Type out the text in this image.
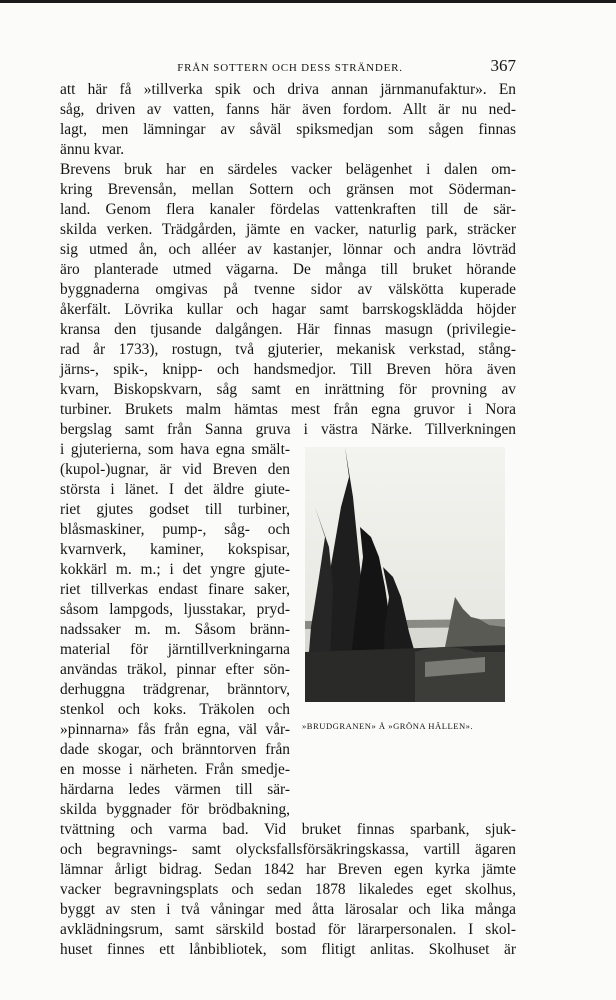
FRÅN SOTTERN OCH DESS STRÄNDER.	367
att här få »tillverka spik och driva annan järnmanufaktur». En
såg, driven av vatten, fanns här även fordom. Allt är nu ned-
lagt, men lämningar av såväl spiksmedjan som sågen finnas
ännu kvar.
Brevens bruk har en särdeles vacker belägenhet i dalen om-
kring Brevensån, mellan Sottern och gränsen mot Söderman-
land. Genom flera kanaler fördelas vattenkraften till de sär-
skilda verken. Trädgården, jämte en vacker, naturlig park, sträcker
sig utmed ån, och alléer av kastanjer, lönnar och andra lövträd
äro planterade utmed vägarna. De många till bruket hörande
byggnaderna omgivas på tvenne sidor av välskötta kuperade
åkerfält. Lövrika kullar och hagar samt barrskogsklädda höjder
kransa den tjusande dalgången. Här finnas masugn (privilegie-
rad år 1733), rostugn, två gjuterier, mekanisk verkstad, stång-
järns-, spik-, knipp- och handsmedjor. Till Breven höra även
kvarn, Biskopskvarn, såg samt en inrättning för provning av
turbiner. Brukets malm hämtas mest från egna gruvor i Nora
bergslag samt från Sanna gruva i västra Närke. Tillverkningen
i gjuterierna, som hava egna smält-
(kupol-)ugnar, är vid Breven den
största i länet. I det äldre giute-
riet gjutes godset till turbiner,
blåsmaskiner, pump-, såg- och
kvarnverk, kaminer, kokspisar,
kokkärl m. m.; i det yngre gjute-
riet tillverkas endast finare saker,
såsom lampgods, ljusstakar, pryd-
nadssaker m. m. Såsom bränn-
material för järntillverkningarna
användas träkol, pinnar efter sön-
derhuggna trädgrenar, bränntorv,
stenkol och koks. Träkolen och
»pinnarna» fås från egna, väl vår-
dade skogar, och bränntorven från
en mosse i närheten. Från smedje-
härdarna ledes värmen till sär-
skilda byggnader för brödbakning,
tvättning och varma bad. Vid bruket finnas sparbank, sjuk-
och begravnings- samt olycksfallsförsäkringskassa, vartill ägaren
lämnar årligt bidrag. Sedan 1842 har Breven egen kyrka jämte
vacker begravningsplats och sedan 1878 likaledes eget skolhus,
byggt av sten i två våningar med åtta lärosalar och lika många
avklädningsrum, samt särskild bostad för lärarpersonalen. I skol-
huset finnes ett lånbibliotek, som flitigt anlitas. Skolhuset är
»BRUDGRANEN» Å »GRÖNA HÄLLEN».
